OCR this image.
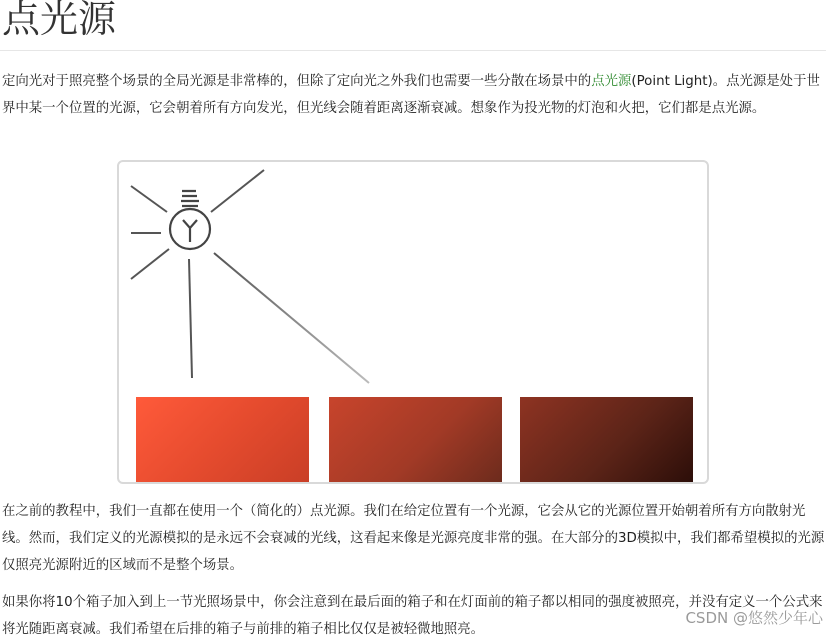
点光源

定向光对于照亮整个场景的全局光源是非常棒的，但除了定向光之外我们也需要一些分散在场景中的点光源(Point Light)。点光源是处于世界中某一个位置的光源，它会朝着所有方向发光，但光线会随着距离逐渐衰减。想象作为投光物的灯泡和火把，它们都是点光源。

在之前的教程中，我们一直都在使用一个（简化的）点光源。我们在给定位置有一个光源，它会从它的光源位置开始朝着所有方向散射光线。然而，我们定义的光源模拟的是永远不会衰减的光线，这看起来像是光源亮度非常的强。在大部分的3D模拟中，我们都希望模拟的光源仅照亮光源附近的区域而不是整个场景。

如果你将10个箱子加入到上一节光照场景中，你会注意到在最后面的箱子和在灯面前的箱子都以相同的强度被照亮，并没有定义一个公式来将光随距离衰减。我们希望在后排的箱子与前排的箱子相比仅仅是被轻微地照亮。

CSDN @悠然少年心
